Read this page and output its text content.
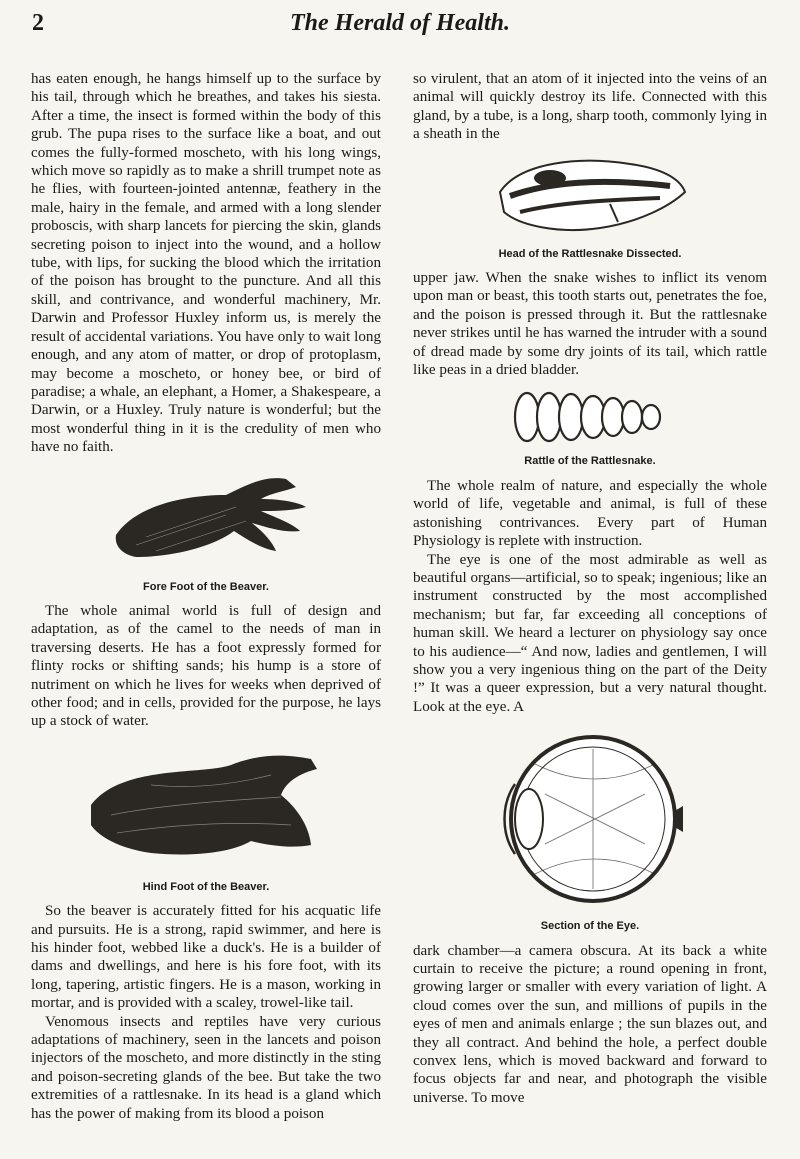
2	The Herald of Health.

has eaten enough, he hangs himself up to the surface by his tail, through which he breathes, and takes his siesta. After a time, the insect is formed within the body of this grub. The pupa rises to the surface like a boat, and out comes the fully-formed moscheto, with his long wings, which move so rapidly as to make a shrill trumpet note as he flies, with fourteen-jointed antennæ, feathery in the male, hairy in the female, and armed with a long slender proboscis, with sharp lancets for piercing the skin, glands secreting poison to inject into the wound, and a hollow tube, with lips, for sucking the blood which the irritation of the poison has brought to the puncture. And all this skill, and contrivance, and wonderful machinery, Mr. Darwin and Professor Huxley inform us, is merely the result of accidental variations. You have only to wait long enough, and any atom of matter, or drop of protoplasm, may become a moscheto, or honey bee, or bird of paradise; a whale, an elephant, a Homer, a Shakespeare, a Darwin, or a Huxley. Truly nature is wonderful; but the most wonderful thing in it is the credulity of men who have no faith.

Fore Foot of the Beaver.

The whole animal world is full of design and adaptation, as of the camel to the needs of man in traversing deserts. He has a foot expressly formed for flinty rocks or shifting sands; his hump is a store of nutriment on which he lives for weeks when deprived of other food; and in cells, provided for the purpose, he lays up a stock of water.

Hind Foot of the Beaver.

So the beaver is accurately fitted for his acquatic life and pursuits. He is a strong, rapid swimmer, and here is his hinder foot, webbed like a duck's. He is a builder of dams and dwellings, and here is his fore foot, with its long, tapering, artistic fingers. He is a mason, working in mortar, and is provided with a scaley, trowel-like tail.

Venomous insects and reptiles have very curious adaptations of machinery, seen in the lancets and poison injectors of the moscheto, and more distinctly in the sting and poison-secreting glands of the bee. But take the two extremities of a rattlesnake. In its head is a gland which has the power of making from its blood a poison

so virulent, that an atom of it injected into the veins of an animal will quickly destroy its life. Connected with this gland, by a tube, is a long, sharp tooth, commonly lying in a sheath in the

Head of the Rattlesnake Dissected.

upper jaw. When the snake wishes to inflict its venom upon man or beast, this tooth starts out, penetrates the foe, and the poison is pressed through it. But the rattlesnake never strikes until he has warned the intruder with a sound of dread made by some dry joints of its tail, which rattle like peas in a dried bladder.

Rattle of the Rattlesnake.

The whole realm of nature, and especially the whole world of life, vegetable and animal, is full of these astonishing contrivances. Every part of Human Physiology is replete with instruction.

The eye is one of the most admirable as well as beautiful organs—artificial, so to speak; ingenious; like an instrument constructed by the most accomplished mechanism; but far, far exceeding all conceptions of human skill. We heard a lecturer on physiology say once to his audience—“ And now, ladies and gentlemen, I will show you a very ingenious thing on the part of the Deity !” It was a queer expression, but a very natural thought. Look at the eye. A

Section of the Eye.

dark chamber—a camera obscura. At its back a white curtain to receive the picture; a round opening in front, growing larger or smaller with every variation of light. A cloud comes over the sun, and millions of pupils in the eyes of men and animals enlarge ; the sun blazes out, and they all contract. And behind the hole, a perfect double convex lens, which is moved backward and forward to focus objects far and near, and photograph the visible universe. To move
